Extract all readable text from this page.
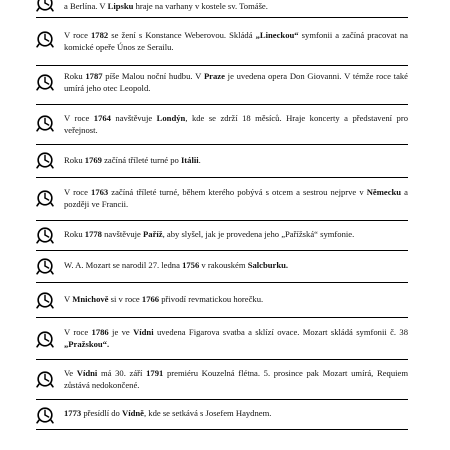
a Berlína. V Lipsku hraje na varhany v kostele sv. Tomáše.
V roce 1782 se žení s Konstance Weberovou. Skládá „Lineckou“ symfonii a začíná pracovat na komické opeře Únos ze Serailu.
Roku 1787 píše Malou noční hudbu. V Praze je uvedena opera Don Giovanni. V témže roce také umírá jeho otec Leopold.
V roce 1764 navštěvuje Londýn, kde se zdrží 18 měsíců. Hraje koncerty a představení pro veřejnost.
Roku 1769 začíná tříleté turné po Itálii.
V roce 1763 začíná tříleté turné, během kterého pobývá s otcem a sestrou nejprve v Německu a později ve Francii.
Roku 1778 navštěvuje Paříž, aby slyšel, jak je provedena jeho „Pařížská“ symfonie.
W. A. Mozart se narodil 27. ledna 1756 v rakouském Salcburku.
V Mnichově si v roce 1766 přivodí revmatickou horečku.
V roce 1786 je ve Vídni uvedena Figarova svatba a sklízí ovace. Mozart skládá symfonii č. 38 „Pražskou“.
Ve Vídni má 30. září 1791 premiéru Kouzelná flétna. 5. prosince pak Mozart umírá, Requiem zůstává nedokončené.
1773 přesídlí do Vídně, kde se setkává s Josefem Haydnem.
